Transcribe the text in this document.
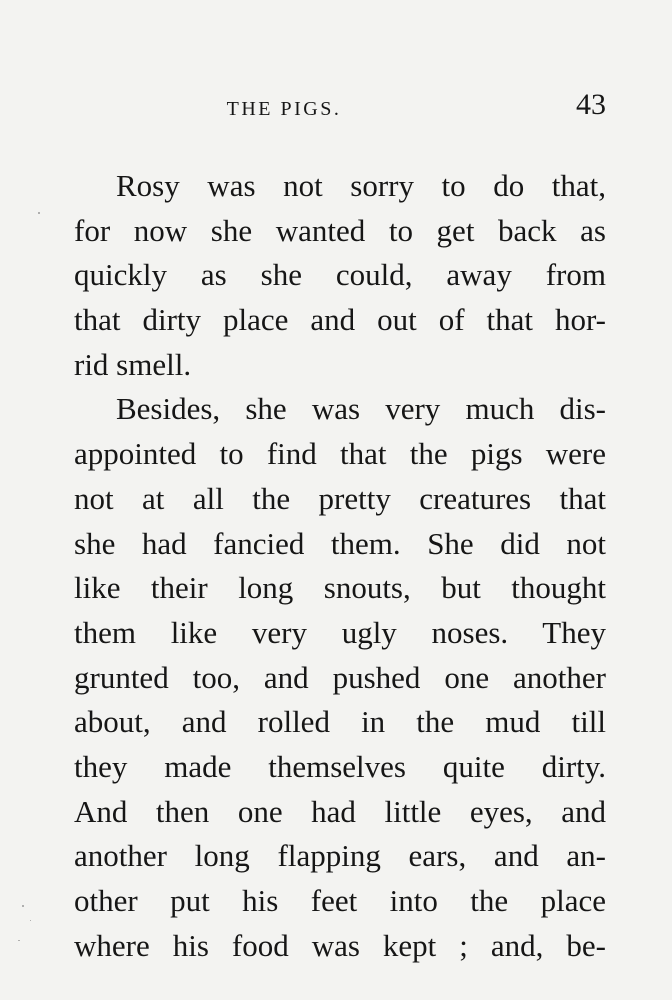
THE PIGS.	43
Rosy was not sorry to do that,
for now she wanted to get back as
quickly as she could, away from
that dirty place and out of that hor-
rid smell.
Besides, she was very much dis-
appointed to find that the pigs were
not at all the pretty creatures that
she had fancied them. She did not
like their long snouts, but thought
them like very ugly noses. They
grunted too, and pushed one another
about, and rolled in the mud till
they made themselves quite dirty.
And then one had little eyes, and
another long flapping ears, and an-
other put his feet into the place
where his food was kept ; and, be-
